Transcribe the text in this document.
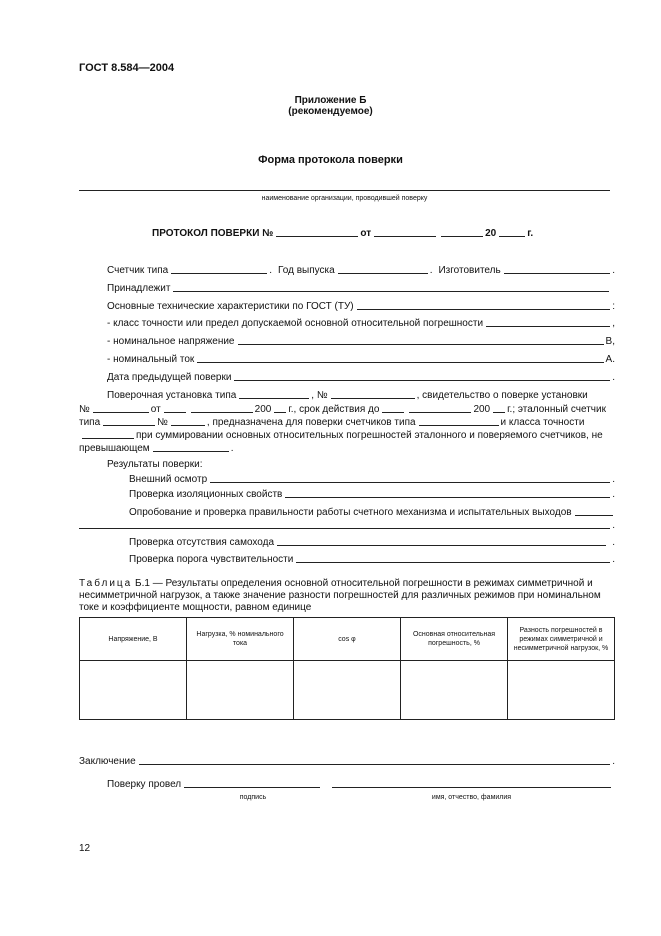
ГОСТ 8.584—2004
Приложение Б
(рекомендуемое)
Форма протокола поверки
наименование организации, проводившей поверку
ПРОТОКОЛ ПОВЕРКИ №	от	20	г.
Счетчик типа	. Год выпуска	. Изготовитель	.
Принадлежит
Основные технические характеристики по ГОСТ (ТУ)	:
- класс точности или предел допускаемой основной относительной погрешности	,
- номинальное напряжение	В,
- номинальный ток	А.
Дата предыдущей поверки	.
Поверочная установка типа	, №	, свидетельство о поверке установки
№	от	200 г., срок действия до	200 г.; эталонный счетчик
типа	№	, предназначена для поверки счетчиков типа	и класса точности
при суммировании основных относительных погрешностей эталонного и поверяемого счетчиков, не
превышающем	.
Результаты поверки:
Внешний осмотр	.
Проверка изоляционных свойств	.
Опробование и проверка правильности работы счетного механизма и испытательных выходов
.
Проверка отсутствия самохода	.
Проверка порога чувствительности	.
Таблица Б.1 — Результаты определения основной относительной погрешности в режимах симметричной и
несимметричной нагрузок, а также значение разности погрешностей для различных режимов при номинальном
токе и коэффициенте мощности, равном единице
Напряжение, В	Нагрузка, % номинального тока	cos φ	Основная относительная погрешность, %	Разность погрешностей в режимах симметричной и несимметричной нагрузок, %

Заключение	.
Поверку провел
подпись	имя, отчество, фамилия
12
